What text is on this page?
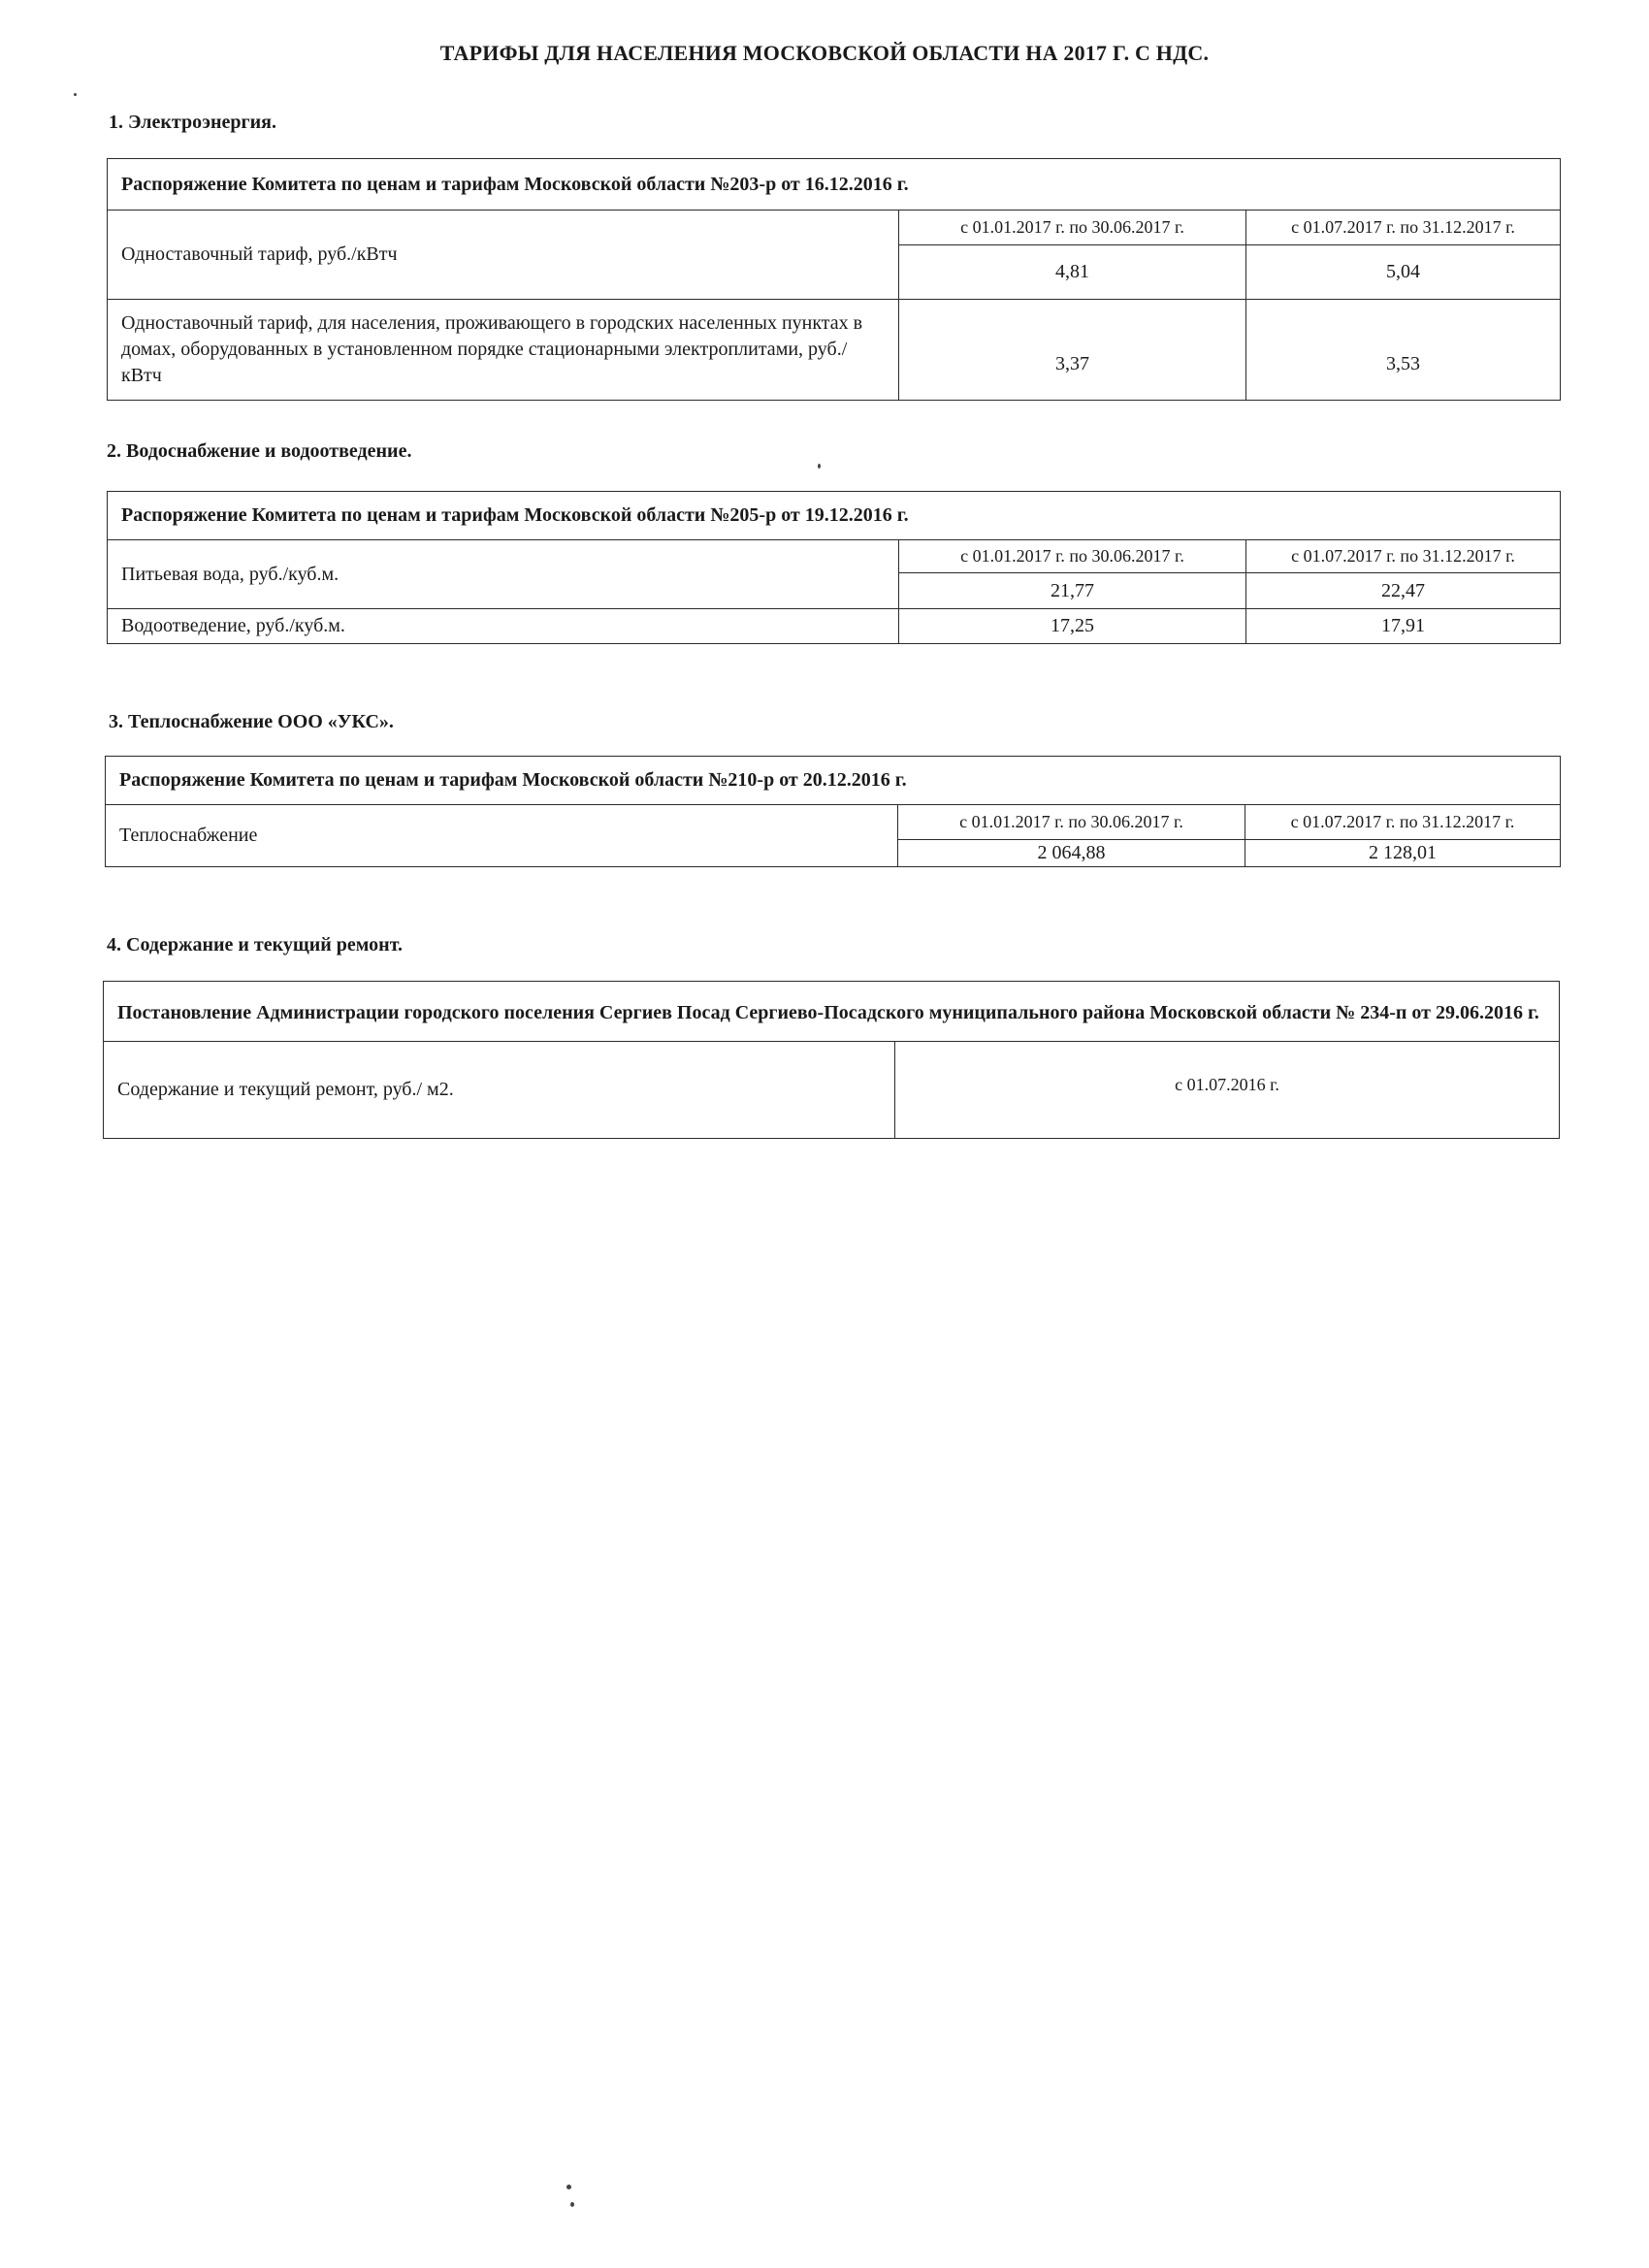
ТАРИФЫ ДЛЯ НАСЕЛЕНИЯ МОСКОВСКОЙ ОБЛАСТИ НА 2017 Г. С НДС.
1. Электроэнергия.
Распоряжение Комитета по ценам и тарифам Московской области №203-р от 16.12.2016 г.		
Одноставочный тариф, руб./кВтч	с 01.01.2017 г. по 30.06.2017 г.	с 01.07.2017 г. по 31.12.2017 г.
	4,81	5,04
Одноставочный тариф, для населения, проживающего в городских населенных пунктах в домах, оборудованных в установленном порядке стационарными электроплитами, руб./кВтч	3,37	3,53
2. Водоснабжение и водоотведение.
Распоряжение Комитета по ценам и тарифам Московской области №205-р от 19.12.2016 г.		
Питьевая вода, руб./куб.м.	с 01.01.2017 г. по 30.06.2017 г.	с 01.07.2017 г. по 31.12.2017 г.
	21,77	22,47
Водоотведение, руб./куб.м.	17,25	17,91
3. Теплоснабжение ООО «УКС».
Распоряжение Комитета по ценам и тарифам Московской области №210-р от 20.12.2016 г.		
Теплоснабжение	с 01.01.2017 г. по 30.06.2017 г.	с 01.07.2017 г. по 31.12.2017 г.
	2 064,88	2 128,01
4. Содержание и текущий ремонт.
Постановление Администрации городского поселения Сергиев Посад Сергиево-Посадского муниципального района Московской области № 234-п от 29.06.2016 г.
Содержание и текущий ремонт, руб./ м2.	с 01.07.2016 г.
